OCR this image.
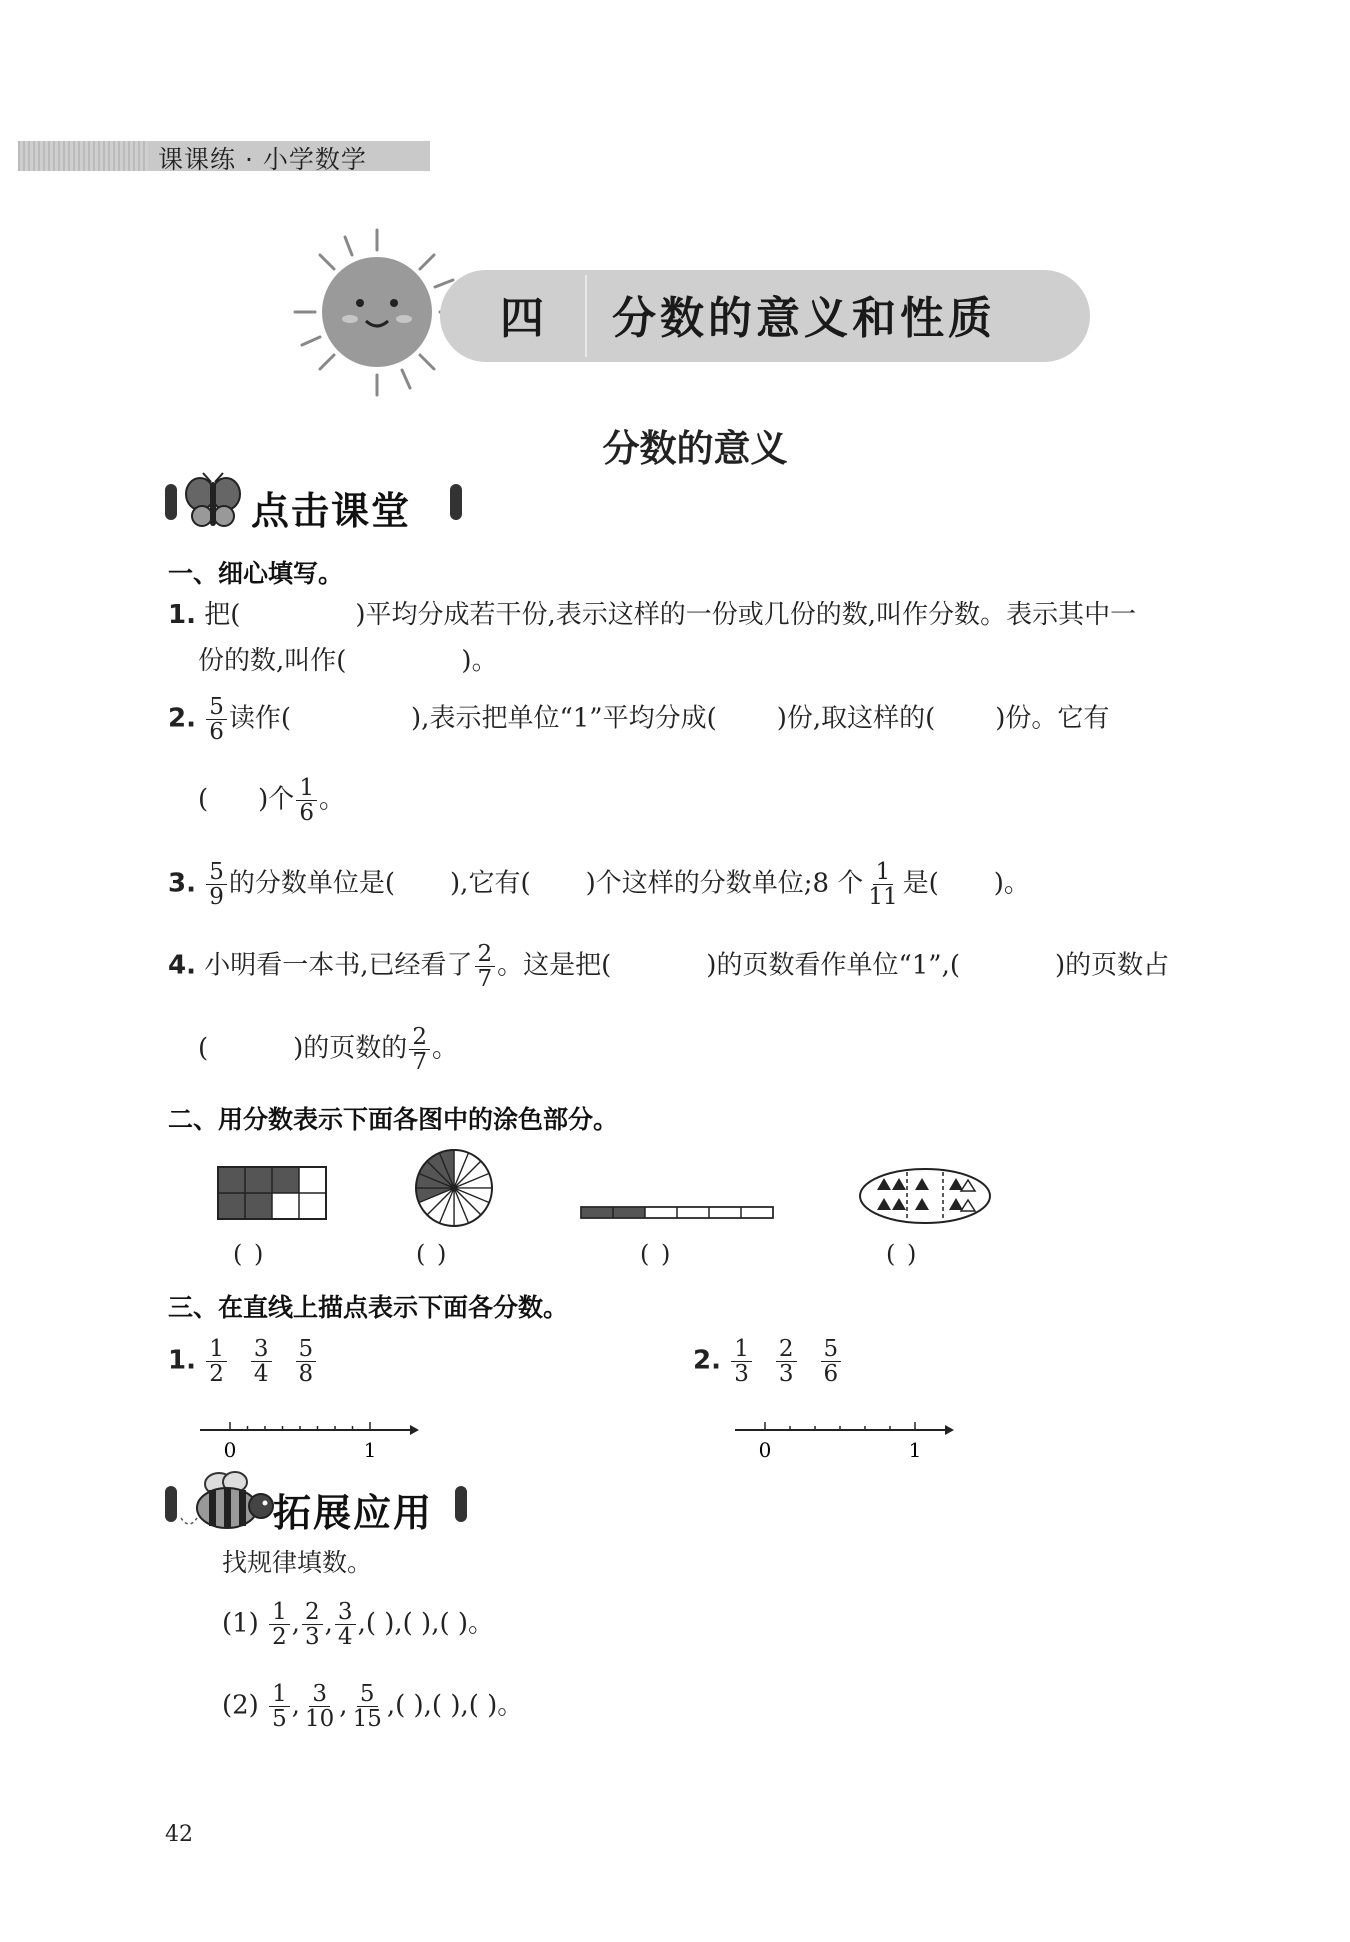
课课练 · 小学数学
四 分数的意义和性质
分数的意义
点击课堂
一、细心填写。
1. 把(	)平均分成若干份,表示这样的一份或几份的数,叫作分数。表示其中一
份的数,叫作(	)。
2. $\frac{5}{6}$ 读作(	),表示把单位“1”平均分成( )份,取这样的( )份。它有
( )个 $\frac{1}{6}$ 。
3. $\frac{5}{9}$ 的分数单位是( ),它有( )个这样的分数单位;8 个 $\frac{1}{11}$ 是( )。
4. 小明看一本书,已经看了 $\frac{2}{7}$ 。这是把(	)的页数看作单位“1”,(	)的页数占
(	)的页数的 $\frac{2}{7}$ 。
二、用分数表示下面各图中的涂色部分。
( )	( )	( )	( )
三、在直线上描点表示下面各分数。
1. $\frac{1}{2} \frac{3}{4} \frac{5}{8}$	2. $\frac{1}{3} \frac{2}{3} \frac{5}{6}$
0	1	0	1
拓展应用
找规律填数。
$(1) \frac{1}{2}$ , $\frac{2}{3}$ , $\frac{3}{4}$ ,( ),( ),( )。
$(2) \frac{1}{5}$ , $\frac{3}{10}$ , $\frac{5}{15}$ ,( ),( ),( )。
42
